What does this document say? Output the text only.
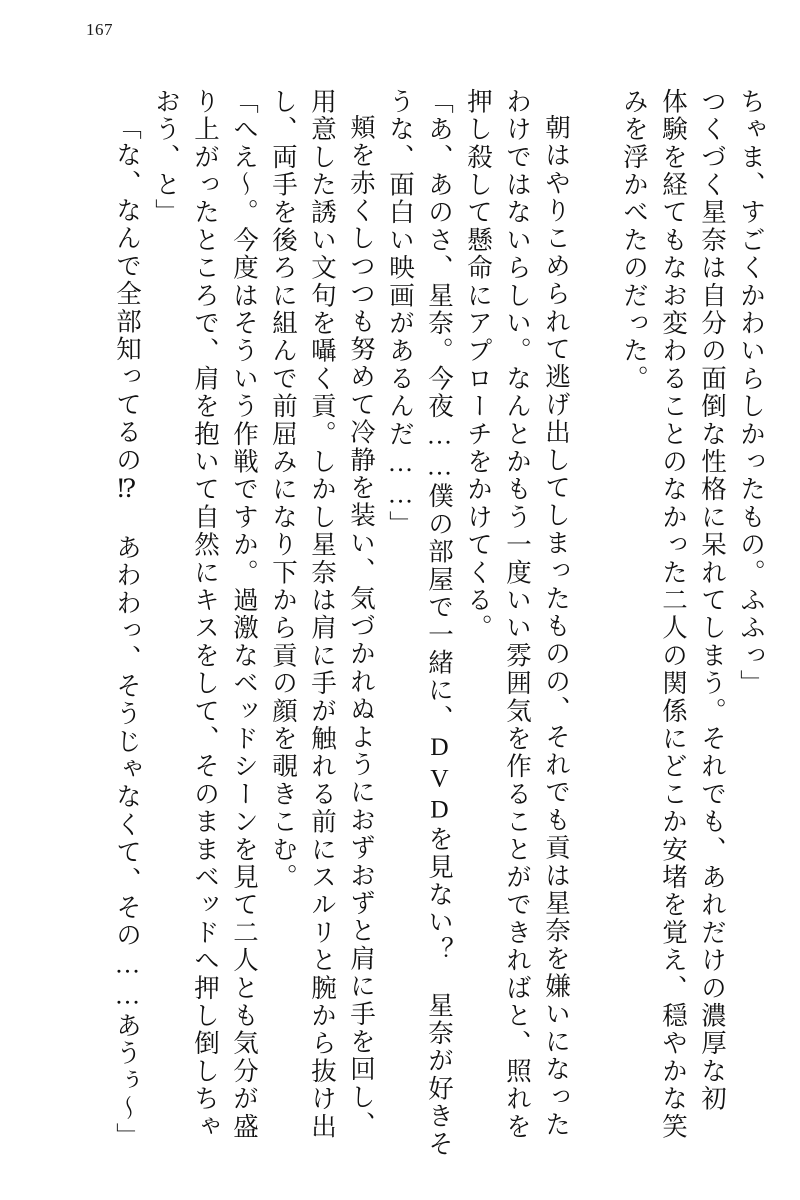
167
ちゃま、すごくかわいらしかったもの。ふふっ」
つくづく星奈は自分の面倒な性格に呆れてしまう。それでも、あれだけの濃厚な初
体験を経てもなお変わることのなかった二人の関係にどこか安堵を覚え、穏やかな笑
みを浮かべたのだった。
朝はやりこめられて逃げ出してしまったものの、それでも貢は星奈を嫌いになった
わけではないらしい。なんとかもう一度いい雰囲気を作ることができればと、照れを
押し殺して懸命にアプローチをかけてくる。
「あ、あのさ、星奈。今夜……僕の部屋で一緒に、DVDを見ない？　星奈が好きそ
うな、面白い映画があるんだ……」
頬を赤くしつつも努めて冷静を装い、気づかれぬようにおずおずと肩に手を回し、
用意した誘い文句を囁く貢。しかし星奈は肩に手が触れる前にスルリと腕から抜け出
し、両手を後ろに組んで前屈みになり下から貢の顔を覗きこむ。
「へえ～。今度はそういう作戦ですか。過激なベッドシーンを見て二人とも気分が盛
り上がったところで、肩を抱いて自然にキスをして、そのままベッドへ押し倒しちゃ
おう、と」
「な、なんで全部知ってるの⁉　あわわっ、そうじゃなくて、その……あうぅ～」
